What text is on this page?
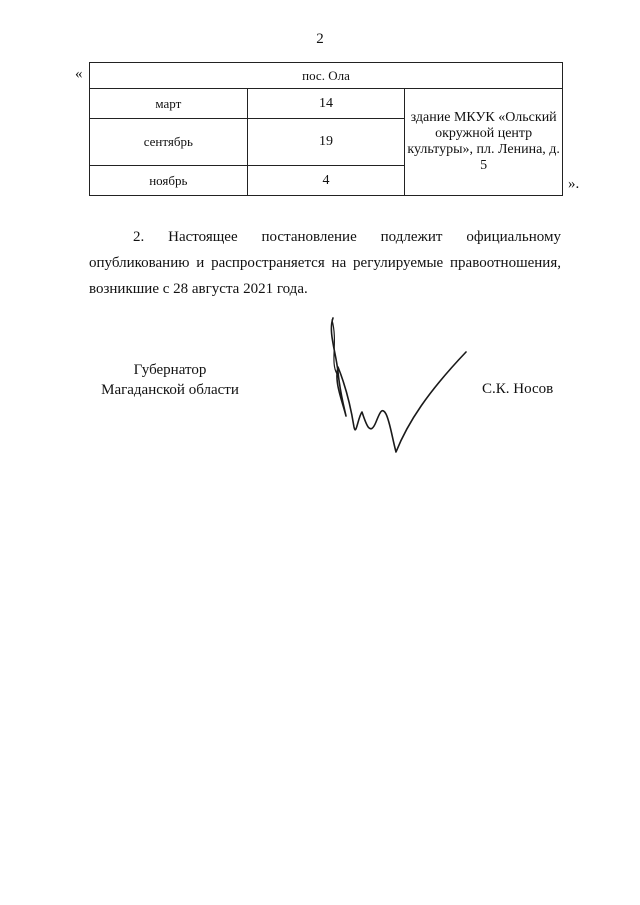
2
«	пос. Ола		
март	14	здание МКУК «Ольский окружной центр культуры», пл. Ленина, д. 5
сентябрь	19	
ноябрь	4		».
2. Настоящее постановление подлежит официальному
опубликованию и распространяется на регулируемые правоотношения, возникшие с 28 августа 2021 года.
Губернатор
Магаданской области	С.К. Носов
